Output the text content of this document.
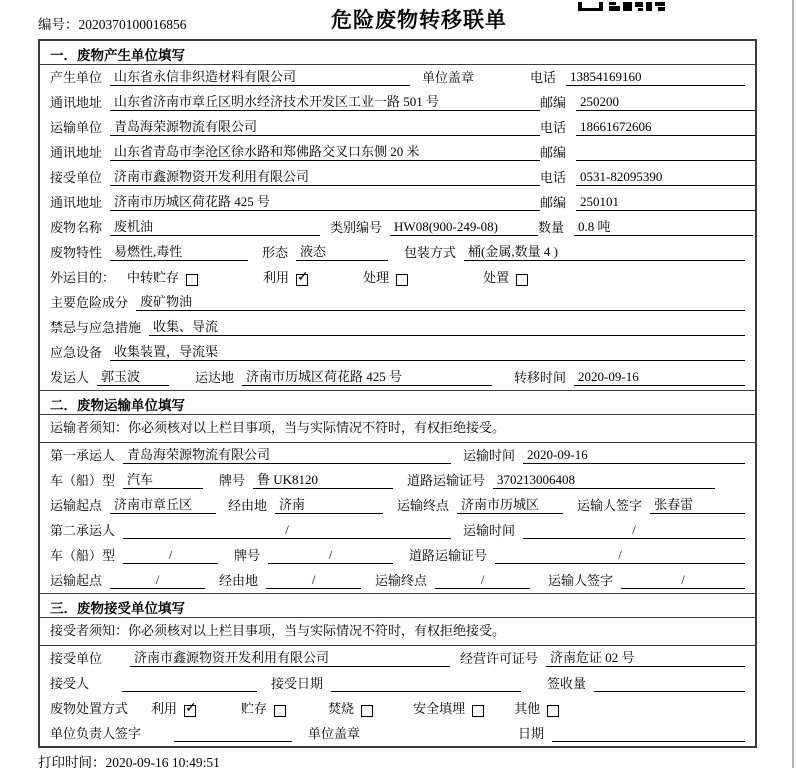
编号：2020370100016856	危险废物转移联单
一．废物产生单位填写
产生单位 山东省永信非织造材料有限公司	单位盖章	电话	13854169160
通讯地址 山东省济南市章丘区明水经济技术开发区工业一路 501 号	邮编	250200
运输单位 青岛海荣源物流有限公司	电话	18661672606
通讯地址 山东省青岛市李沧区徐水路和郑佛路交叉口东侧 20 米	邮编
接受单位 济南市鑫源物资开发利用有限公司	电话	0531-82095390
通讯地址 济南市历城区荷花路 425 号	邮编	250101
废物名称 废机油	类别编号 HW08(900-249-08)	数量	0.8 吨
废物特性 易燃性,毒性	形态 液态	包装方式 桶(金属,数量 4 )
外运目的： 中转贮存	利用 ✓	处理	处置
主要危险成分 废矿物油
禁忌与应急措施 收集、导流
应急设备 收集装置，导流渠
发运人 郭玉波	运达地 济南市历城区荷花路 425 号	转移时间 2020-09-16
二．废物运输单位填写
运输者须知：你必须核对以上栏目事项，当与实际情况不符时，有权拒绝接受。
第一承运人 青岛海荣源物流有限公司	运输时间 2020-09-16
车（船）型 汽车	牌号 鲁 UK8120	道路运输证号 370213006408
运输起点 济南市章丘区	经由地 济南	运输终点 济南市历城区	运输人签字 张春雷
第二承运人	/	运输时间	/
车（船）型	/	牌号	/	道路运输证号	/
运输起点	/	经由地	/	运输终点	/	运输人签字	/
三．废物接受单位填写
接受者须知：你必须核对以上栏目事项，当与实际情况不符时，有权拒绝接受。
接受单位	济南市鑫源物资开发利用有限公司	经营许可证号 济南危证 02 号
接受人	接受日期	签收量
废物处置方式	利用 ✓	贮存	焚烧	安全填埋	其他
单位负责人签字	单位盖章	日期
打印时间：2020-09-16 10:49:51
